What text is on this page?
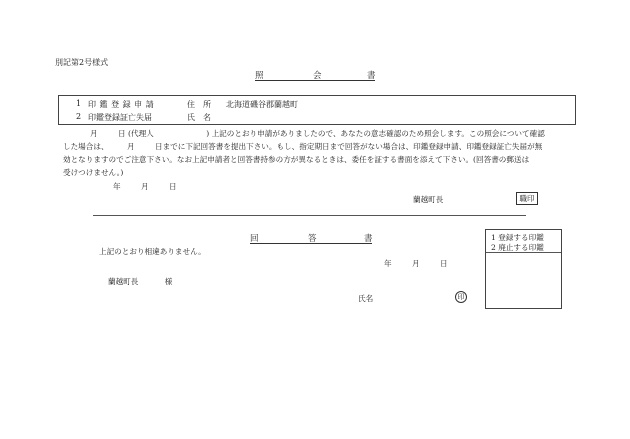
別記第2号様式
照	会	書
1 印 鑑 登 録 申 請
2 印鑑登録証亡失届
住　所 北海道磯谷郡蘭越町
氏　名
月	日 (代理人	) 上記のとおり申請がありましたので、あなたの意志確認のため照会します。この照会について確認
した場合は、 月	日までに下記回答書を提出下さい。もし、指定期日まで回答がない場合は、印鑑登録申請、印鑑登録証亡失届が無
効となりますのでご注意下さい。なお上記申請者と回答書持参の方が異なるときは、委任を証する書面を添えて下さい。(回答書の郵送は
受けつけません。)
年	月	日
蘭越町長	職印
回	答	書
上記のとおり相違ありません。
年	月	日
蘭越町長	様
氏名	印
1 登録する印鑑
2 廃止する印鑑
